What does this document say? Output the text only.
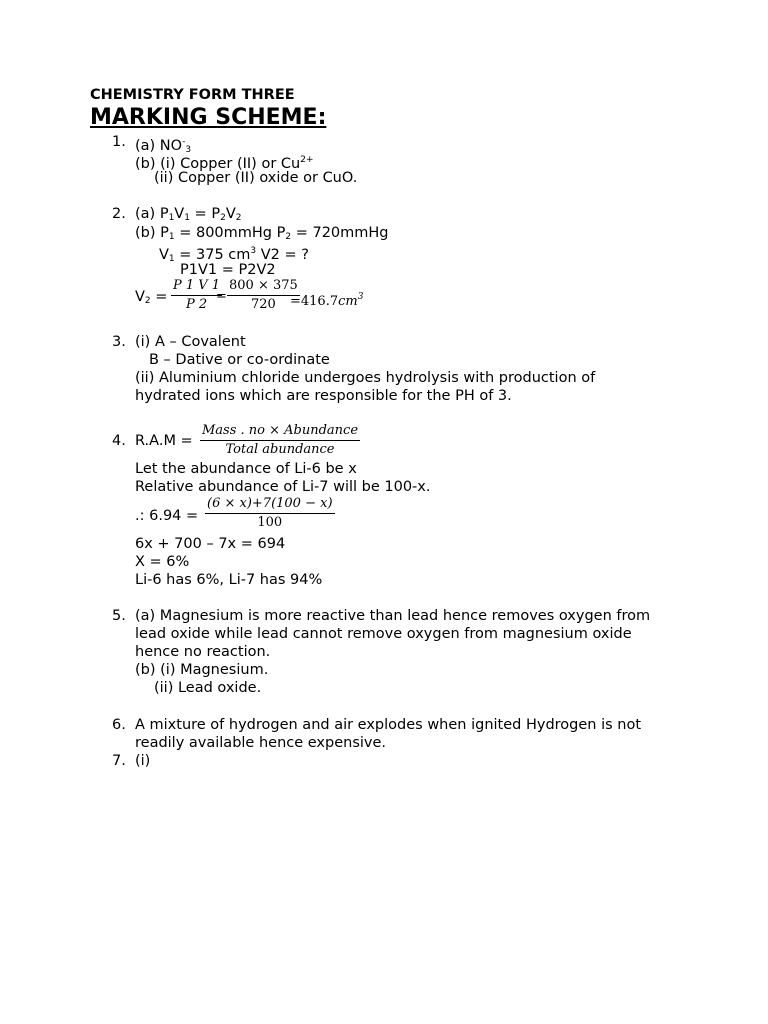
CHEMISTRY FORM THREE
MARKING SCHEME:
1. (a) $NO^-_3$
(b) (i) Copper (II) or $Cu^{2+}$
(ii) Copper (II) oxide or CuO.
2. (a) $P_1V_1 = P_2V_2$
(b) $P_1$ = 800mmHg $P_2$ = 720mmHg
$V_1 = 375$ $cm^3$ V2 = ?
P1V1 = P2V2
$V_2 = \frac{P 1 V 1}{P 2}$
= $\frac{800 \times 375}{720}$
$=416.7cm^3$
3. (i) A – Covalent
B – Dative or co-ordinate
(ii) Aluminium chloride undergoes hydrolysis with production of
hydrated ions which are responsible for the PH of 3.
4. R.A.M =
Mass . no × Abundance
Total abundance
Let the abundance of Li-6 be x
Relative abundance of Li-7 will be 100-x.
.: $6.94 = \frac{(6 \times x)+7(100 - x)}{100}$
6x + 700 – 7x = 694
X = 6%
Li-6 has 6%, Li-7 has 94%
5. (a) Magnesium is more reactive than lead hence removes oxygen from
lead oxide while lead cannot remove oxygen from magnesium oxide
hence no reaction.
(b) (i) Magnesium.
(ii) Lead oxide.
6. A mixture of hydrogen and air explodes when ignited Hydrogen is not
readily available hence expensive.
7. (i)
